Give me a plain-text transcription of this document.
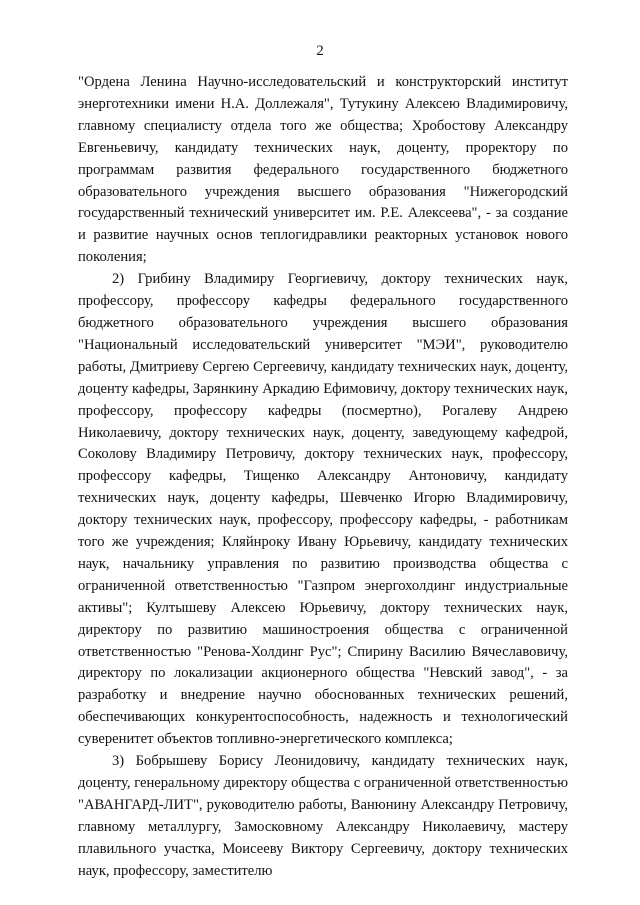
2

"Ордена Ленина Научно-исследовательский и конструкторский институт энерготехники имени Н.А. Доллежаля", Тутукину Алексею Владимировичу, главному специалисту отдела того же общества; Хробостову Александру Евгеньевичу, кандидату технических наук, доценту, проректору по программам развития федерального государственного бюджетного образовательного учреждения высшего образования "Нижегородский государственный технический университет им. Р.Е. Алексеева", - за создание и развитие научных основ теплогидравлики реакторных установок нового поколения;

2) Грибину Владимиру Георгиевичу, доктору технических наук, профессору, профессору кафедры федерального государственного бюджетного образовательного учреждения высшего образования "Национальный исследовательский университет "МЭИ", руководителю работы, Дмитриеву Сергею Сергеевичу, кандидату технических наук, доценту, доценту кафедры, Зарянкину Аркадию Ефимовичу, доктору технических наук, профессору, профессору кафедры (посмертно), Рогалеву Андрею Николаевичу, доктору технических наук, доценту, заведующему кафедрой, Соколову Владимиру Петровичу, доктору технических наук, профессору, профессору кафедры, Тищенко Александру Антоновичу, кандидату технических наук, доценту кафедры, Шевченко Игорю Владимировичу, доктору технических наук, профессору, профессору кафедры, - работникам того же учреждения; Кляйнроку Ивану Юрьевичу, кандидату технических наук, начальнику управления по развитию производства общества с ограниченной ответственностью "Газпром энергохолдинг индустриальные активы"; Култышеву Алексею Юрьевичу, доктору технических наук, директору по развитию машиностроения общества с ограниченной ответственностью "Ренова-Холдинг Рус"; Спирину Василию Вячеславовичу, директору по локализации акционерного общества "Невский завод", - за разработку и внедрение научно обоснованных технических решений, обеспечивающих конкурентоспособность, надежность и технологический суверенитет объектов топливно-энергетического комплекса;

3) Бобрышеву Борису Леонидовичу, кандидату технических наук, доценту, генеральному директору общества с ограниченной ответственностью "АВАНГАРД-ЛИТ", руководителю работы, Ванюнину Александру Петровичу, главному металлургу, Замосковному Александру Николаевичу, мастеру плавильного участка, Моисееву Виктору Сергеевичу, доктору технических наук, профессору, заместителю
